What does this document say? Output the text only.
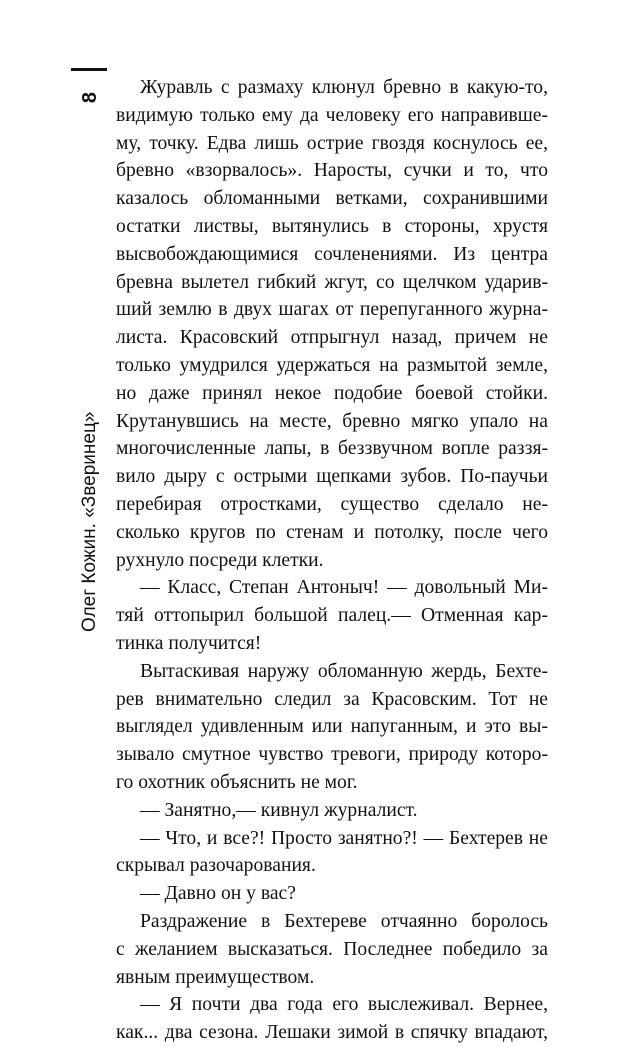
8
Олег Кожин. «Зверинец»
Журавль с размаху клюнул бревно в какую-то,
видимую только ему да человеку его направивше-
му, точку. Едва лишь острие гвоздя коснулось ее,
бревно «взорвалось». Наросты, сучки и то, что
казалось обломанными ветками, сохранившими
остатки листвы, вытянулись в стороны, хрустя
высвобождающимися сочленениями. Из центра
бревна вылетел гибкий жгут, со щелчком ударив-
ший землю в двух шагах от перепуганного журна-
листа. Красовский отпрыгнул назад, причем не
только умудрился удержаться на размытой земле,
но даже принял некое подобие боевой стойки.
Крутанувшись на месте, бревно мягко упало на
многочисленные лапы, в беззвучном вопле раззя-
вило дыру с острыми щепками зубов. По-паучьи
перебирая отростками, существо сделало не-
сколько кругов по стенам и потолку, после чего
рухнуло посреди клетки.
— Класс, Степан Антоныч! — довольный Ми-
тяй оттопырил большой палец.— Отменная кар-
тинка получится!
Вытаскивая наружу обломанную жердь, Бехте-
рев внимательно следил за Красовским. Тот не
выглядел удивленным или напуганным, и это вы-
зывало смутное чувство тревоги, природу которо-
го охотник объяснить не мог.
— Занятно,— кивнул журналист.
— Что, и все?! Просто занятно?! — Бехтерев не
скрывал разочарования.
— Давно он у вас?
Раздражение в Бехтереве отчаянно боролось
с желанием высказаться. Последнее победило за
явным преимуществом.
— Я почти два года его выслеживал. Вернее,
как... два сезона. Лешаки зимой в спячку впадают,
